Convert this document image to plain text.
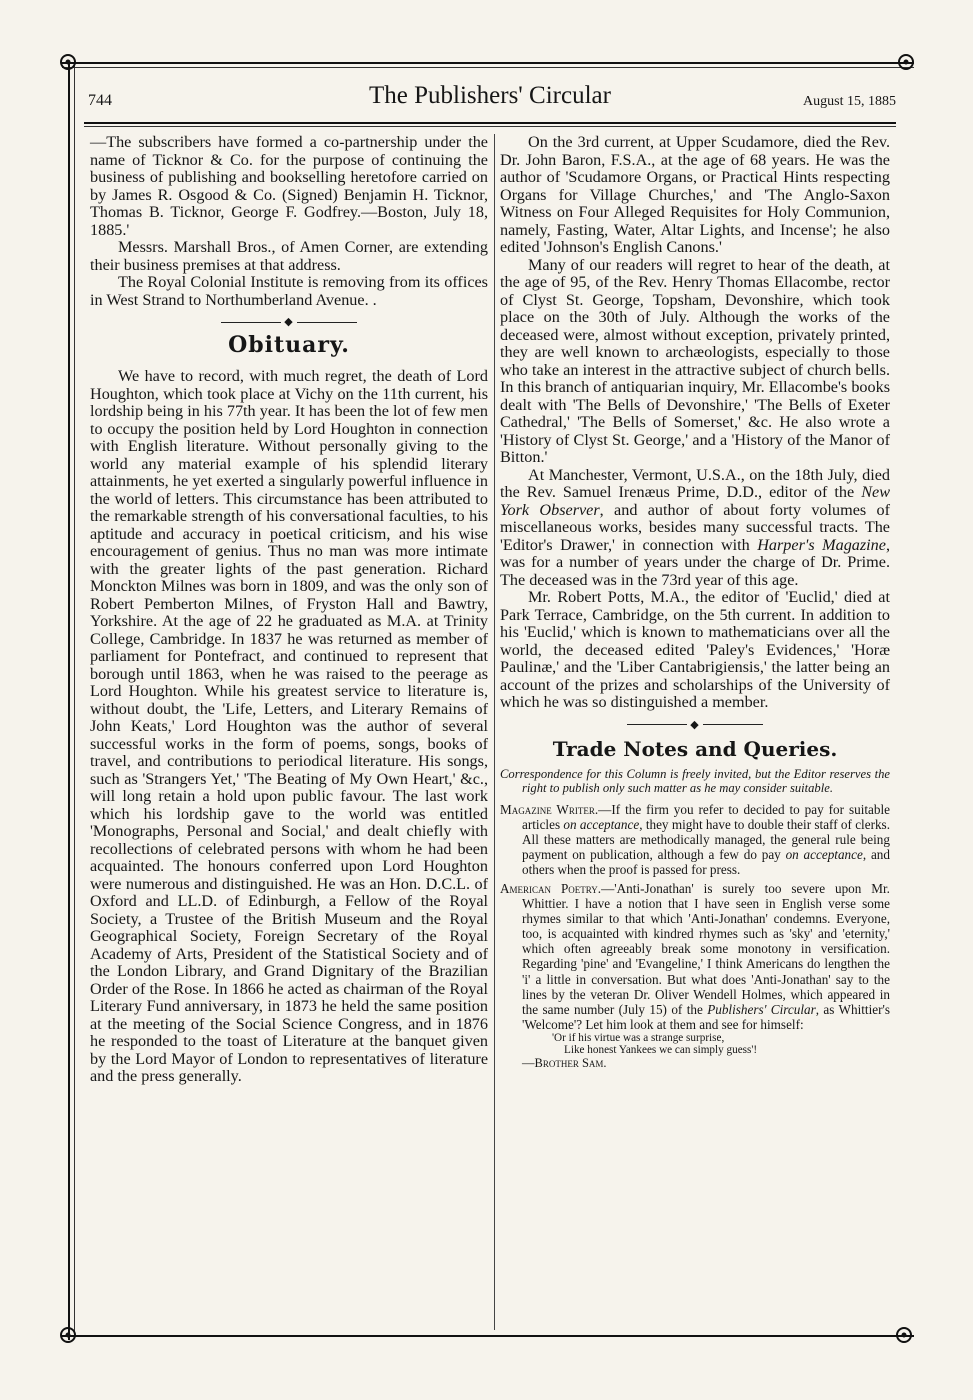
744	The Publishers' Circular	August 15, 1885

—The subscribers have formed a co-partnership under the name of Ticknor & Co. for the purpose of continuing the business of publishing and bookselling heretofore carried on by James R. Osgood & Co. (Signed) Benjamin H. Ticknor, Thomas B. Ticknor, George F. Godfrey.—Boston, July 18, 1885.'

Messrs. Marshall Bros., of Amen Corner, are extending their business premises at that address.

The Royal Colonial Institute is removing from its offices in West Strand to Northumberland Avenue. .

◆
Obituary.

We have to record, with much regret, the death of Lord Houghton, which took place at Vichy on the 11th current, his lordship being in his 77th year. It has been the lot of few men to occupy the position held by Lord Houghton in connection with English literature. Without personally giving to the world any material example of his splendid literary attainments, he yet exerted a singularly powerful influence in the world of letters. This circumstance has been attributed to the remarkable strength of his conversational faculties, to his aptitude and accuracy in poetical criticism, and his wise encouragement of genius. Thus no man was more intimate with the greater lights of the past generation. Richard Monckton Milnes was born in 1809, and was the only son of Robert Pemberton Milnes, of Fryston Hall and Bawtry, Yorkshire. At the age of 22 he graduated as M.A. at Trinity College, Cambridge. In 1837 he was returned as member of parliament for Pontefract, and continued to represent that borough until 1863, when he was raised to the peerage as Lord Houghton. While his greatest service to literature is, without doubt, the 'Life, Letters, and Literary Remains of John Keats,' Lord Houghton was the author of several successful works in the form of poems, songs, books of travel, and contributions to periodical literature. His songs, such as 'Strangers Yet,' 'The Beating of My Own Heart,' &c., will long retain a hold upon public favour. The last work which his lordship gave to the world was entitled 'Monographs, Personal and Social,' and dealt chiefly with recollections of celebrated persons with whom he had been acquainted. The honours conferred upon Lord Houghton were numerous and distinguished. He was an Hon. D.C.L. of Oxford and LL.D. of Edinburgh, a Fellow of the Royal Society, a Trustee of the British Museum and the Royal Geographical Society, Foreign Secretary of the Royal Academy of Arts, President of the Statistical Society and of the London Library, and Grand Dignitary of the Brazilian Order of the Rose. In 1866 he acted as chairman of the Royal Literary Fund anniversary, in 1873 he held the same position at the meeting of the Social Science Congress, and in 1876 he responded to the toast of Literature at the banquet given by the Lord Mayor of London to representatives of literature and the press generally.

On the 3rd current, at Upper Scudamore, died the Rev. Dr. John Baron, F.S.A., at the age of 68 years. He was the author of 'Scudamore Organs, or Practical Hints respecting Organs for Village Churches,' and 'The Anglo-Saxon Witness on Four Alleged Requisites for Holy Communion, namely, Fasting, Water, Altar Lights, and Incense'; he also edited 'Johnson's English Canons.'

Many of our readers will regret to hear of the death, at the age of 95, of the Rev. Henry Thomas Ellacombe, rector of Clyst St. George, Topsham, Devonshire, which took place on the 30th of July. Although the works of the deceased were, almost without exception, privately printed, they are well known to archæologists, especially to those who take an interest in the attractive subject of church bells. In this branch of antiquarian inquiry, Mr. Ellacombe's books dealt with 'The Bells of Devonshire,' 'The Bells of Exeter Cathedral,' 'The Bells of Somerset,' &c. He also wrote a 'History of Clyst St. George,' and a 'History of the Manor of Bitton.'

At Manchester, Vermont, U.S.A., on the 18th July, died the Rev. Samuel Irenæus Prime, D.D., editor of the New York Observer, and author of about forty volumes of miscellaneous works, besides many successful tracts. The 'Editor's Drawer,' in connection with Harper's Magazine, was for a number of years under the charge of Dr. Prime. The deceased was in the 73rd year of this age.

Mr. Robert Potts, M.A., the editor of 'Euclid,' died at Park Terrace, Cambridge, on the 5th current. In addition to his 'Euclid,' which is known to mathematicians over all the world, the deceased edited 'Paley's Evidences,' 'Horæ Paulinæ,' and the 'Liber Cantabrigiensis,' the latter being an account of the prizes and scholarships of the University of which he was so distinguished a member.

◆
Trade Notes and Queries.

Correspondence for this Column is freely invited, but the Editor reserves the right to publish only such matter as he may consider suitable.

Magazine Writer.—If the firm you refer to decided to pay for suitable articles on acceptance, they might have to double their staff of clerks. All these matters are methodically managed, the general rule being payment on publication, although a few do pay on acceptance, and others when the proof is passed for press.

American Poetry.—'Anti-Jonathan' is surely too severe upon Mr. Whittier. I have a notion that I have seen in English verse some rhymes similar to that which 'Anti-Jonathan' condemns. Everyone, too, is acquainted with kindred rhymes such as 'sky' and 'eternity,' which often agreeably break some monotony in versification. Regarding 'pine' and 'Evangeline,' I think Americans do lengthen the 'i' a little in conversation. But what does 'Anti-Jonathan' say to the lines by the veteran Dr. Oliver Wendell Holmes, which appeared in the same number (July 15) of the Publishers' Circular, as Whittier's 'Welcome'? Let him look at them and see for himself:

'Or if his virtue was a strange surprise,

Like honest Yankees we can simply guess'!

—Brother Sam.
